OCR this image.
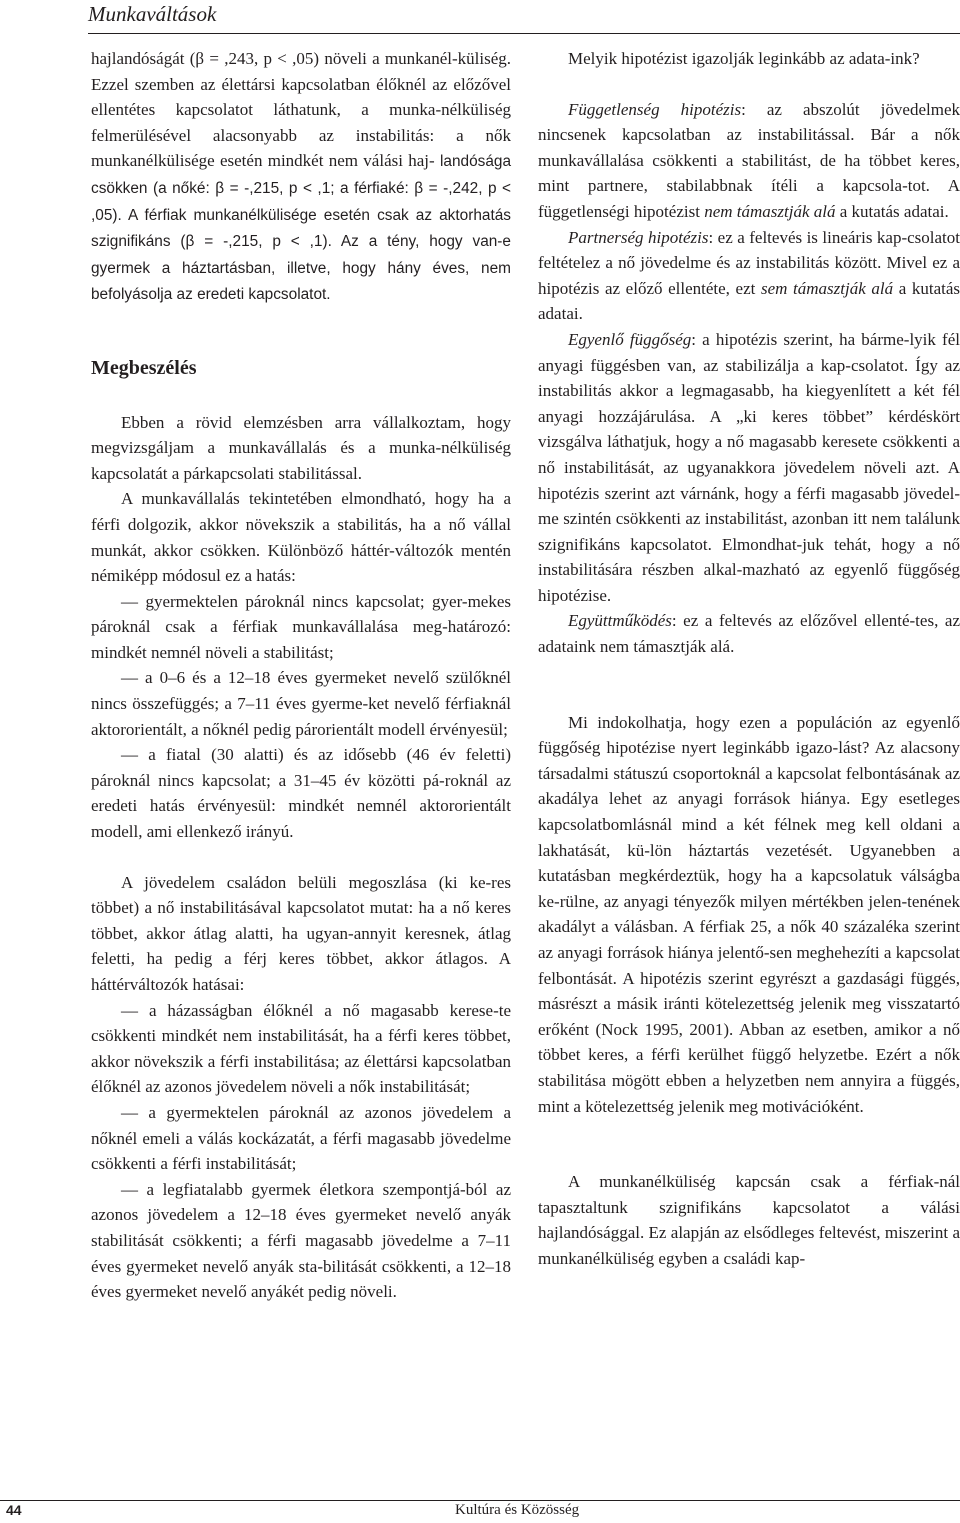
Munkaváltások

hajlandóságát (β = ,243, p < ,05) növeli a munkanél-küliség. Ezzel szemben az élettársi kapcsolatban élőknél az előzővel ellentétes kapcsolatot láthatunk, a munka-nélküliség felmerülésével alacsonyabb az instabilitás: a nők munkanélkülisége esetén mindkét nem válási haj- landósága csökken (a nőké: β = -,215, p < ,1; a férfiaké: β = -,242, p < ,05). A férfiak munkanélkülisége esetén csak az aktorhatás szignifikáns (β = -,215, p < ,1). Az a tény, hogy van-e gyermek a háztartásban, illetve, hogy hány éves, nem befolyásolja az eredeti kapcsolatot.

Megbeszélés

Ebben a rövid elemzésben arra vállalkoztam, hogy megvizsgáljam a munkavállalás és a munka-nélküliség kapcsolatát a párkapcsolati stabilitással.

A munkavállalás tekintetében elmondható, hogy ha a férfi dolgozik, akkor növekszik a stabilitás, ha a nő vállal munkát, akkor csökken. Különböző háttér-változók mentén némiképp módosul ez a hatás:

— gyermektelen pároknál nincs kapcsolat; gyer-mekes pároknál csak a férfiak munkavállalása meg-határozó: mindkét nemnél növeli a stabilitást;

— a 0–6 és a 12–18 éves gyermeket nevelő szülőknél nincs összefüggés; a 7–11 éves gyerme-ket nevelő férfiaknál aktororientált, a nőknél pedig párorientált modell érvényesül;

— a fiatal (30 alatti) és az idősebb (46 év feletti) pároknál nincs kapcsolat; a 31–45 év közötti pá-roknál az eredeti hatás érvényesül: mindkét nemnél aktororientált modell, ami ellenkező irányú.

A jövedelem családon belüli megoszlása (ki ke-res többet) a nő instabilitásával kapcsolatot mutat: ha a nő keres többet, akkor átlag alatti, ha ugyan-annyit keresnek, átlag feletti, ha pedig a férj keres többet, akkor átlagos. A háttérváltozók hatásai:

— a házasságban élőknél a nő magasabb kerese-te csökkenti mindkét nem instabilitását, ha a férfi keres többet, akkor növekszik a férfi instabilitása; az élettársi kapcsolatban élőknél az azonos jövedelem növeli a nők instabilitását;

— a gyermektelen pároknál az azonos jövedelem a nőknél emeli a válás kockázatát, a férfi magasabb jövedelme csökkenti a férfi instabilitását;

— a legfiatalabb gyermek életkora szempontjá-ból az azonos jövedelem a 12–18 éves gyermeket nevelő anyák stabilitását csökkenti; a férfi magasabb jövedelme a 7–11 éves gyermeket nevelő anyák sta-bilitását csökkenti, a 12–18 éves gyermeket nevelő anyákét pedig növeli.

Melyik hipotézist igazolják leginkább az adata-ink?

Függetlenség hipotézis: az abszolút jövedelmek nincsenek kapcsolatban az instabilitással. Bár a nők munkavállalása csökkenti a stabilitást, de ha többet keres, mint partnere, stabilabbnak ítéli a kapcsola-tot. A függetlenségi hipotézist nem támasztják alá a kutatás adatai.

Partnerség hipotézis: ez a feltevés is lineáris kap-csolatot feltételez a nő jövedelme és az instabilitás között. Mivel ez a hipotézis az előző ellentéte, ezt sem támasztják alá a kutatás adatai.

Egyenlő függőség: a hipotézis szerint, ha bárme-lyik fél anyagi függésben van, az stabilizálja a kap-csolatot. Így az instabilitás akkor a legmagasabb, ha kiegyenlített a két fél anyagi hozzájárulása. A „ki keres többet” kérdéskört vizsgálva láthatjuk, hogy a nő magasabb keresete csökkenti a nő instabilitását, az ugyanakkora jövedelem növeli azt. A hipotézis szerint azt várnánk, hogy a férfi magasabb jövedel-me szintén csökkenti az instabilitást, azonban itt nem találunk szignifikáns kapcsolatot. Elmondhat-juk tehát, hogy a nő instabilitására részben alkal-mazható az egyenlő függőség hipotézise.

Együttműködés: ez a feltevés az előzővel ellenté-tes, az adataink nem támasztják alá.

Mi indokolhatja, hogy ezen a populáción az egyenlő függőség hipotézise nyert leginkább igazo-lást? Az alacsony társadalmi státuszú csoportoknál a kapcsolat felbontásának az akadálya lehet az anyagi források hiánya. Egy esetleges kapcsolatbomlásnál mind a két félnek meg kell oldani a lakhatását, kü-lön háztartás vezetését. Ugyanebben a kutatásban megkérdeztük, hogy ha a kapcsolatuk válságba ke-rülne, az anyagi tényezők milyen mértékben jelen-tenének akadályt a válásban. A férfiak 25, a nők 40 százaléka szerint az anyagi források hiánya jelentő-sen meghehezíti a kapcsolat felbontását. A hipotézis szerint egyrészt a gazdasági függés, másrészt a másik iránti kötelezettség jelenik meg visszatartó erőként (Nock 1995, 2001). Abban az esetben, amikor a nő többet keres, a férfi kerülhet függő helyzetbe. Ezért a nők stabilitása mögött ebben a helyzetben nem annyira a függés, mint a kötelezettség jelenik meg motivációként.

A munkanélküliség kapcsán csak a férfiak-nál tapasztaltunk szignifikáns kapcsolatot a válási hajlandósággal. Ez alapján az elsődleges feltevést, miszerint a munkanélküliség egyben a családi kap-

44	Kultúra és Közösség
